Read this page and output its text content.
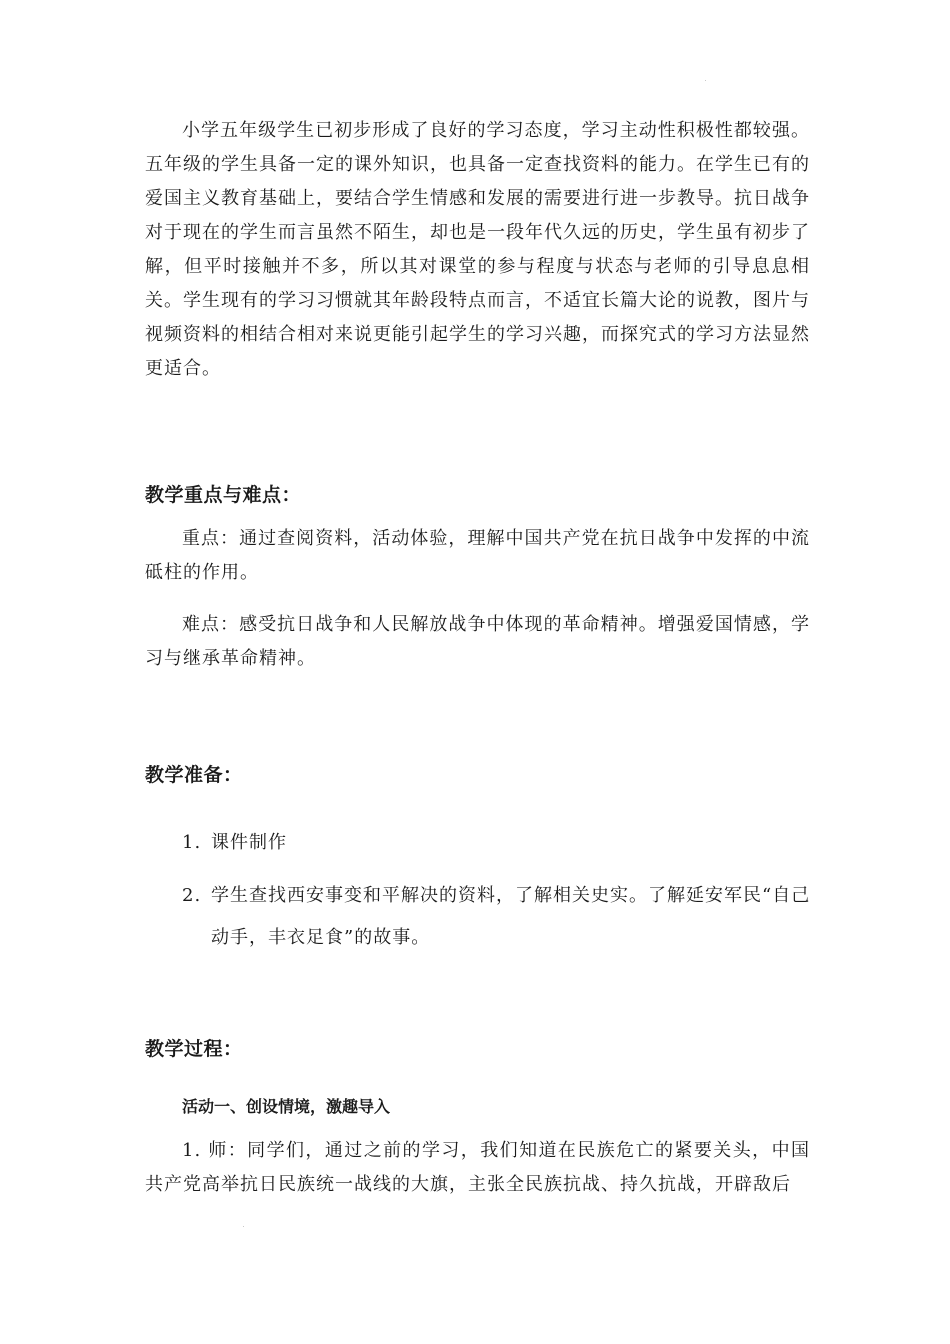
小学五年级学生已初步形成了良好的学习态度，学习主动性积极性都较强。五年级的学生具备一定的课外知识，也具备一定查找资料的能力。在学生已有的爱国主义教育基础上，要结合学生情感和发展的需要进行进一步教导。抗日战争对于现在的学生而言虽然不陌生，却也是一段年代久远的历史，学生虽有初步了解，但平时接触并不多，所以其对课堂的参与程度与状态与老师的引导息息相关。学生现有的学习习惯就其年龄段特点而言，不适宜长篇大论的说教，图片与视频资料的相结合相对来说更能引起学生的学习兴趣，而探究式的学习方法显然更适合。

教学重点与难点：

重点：通过查阅资料，活动体验，理解中国共产党在抗日战争中发挥的中流砥柱的作用。

难点：感受抗日战争和人民解放战争中体现的革命精神。增强爱国情感，学习与继承革命精神。

教学准备：
1. 课件制作
2. 学生查找西安事变和平解决的资料，了解相关史实。了解延安军民“自己动手，丰衣足食”的故事。
教学过程：
活动一、创设情境，激趣导入

1. 师：同学们，通过之前的学习，我们知道在民族危亡的紧要关头，中国共产党高举抗日民族统一战线的大旗，主张全民族抗战、持久抗战，开辟敌后
